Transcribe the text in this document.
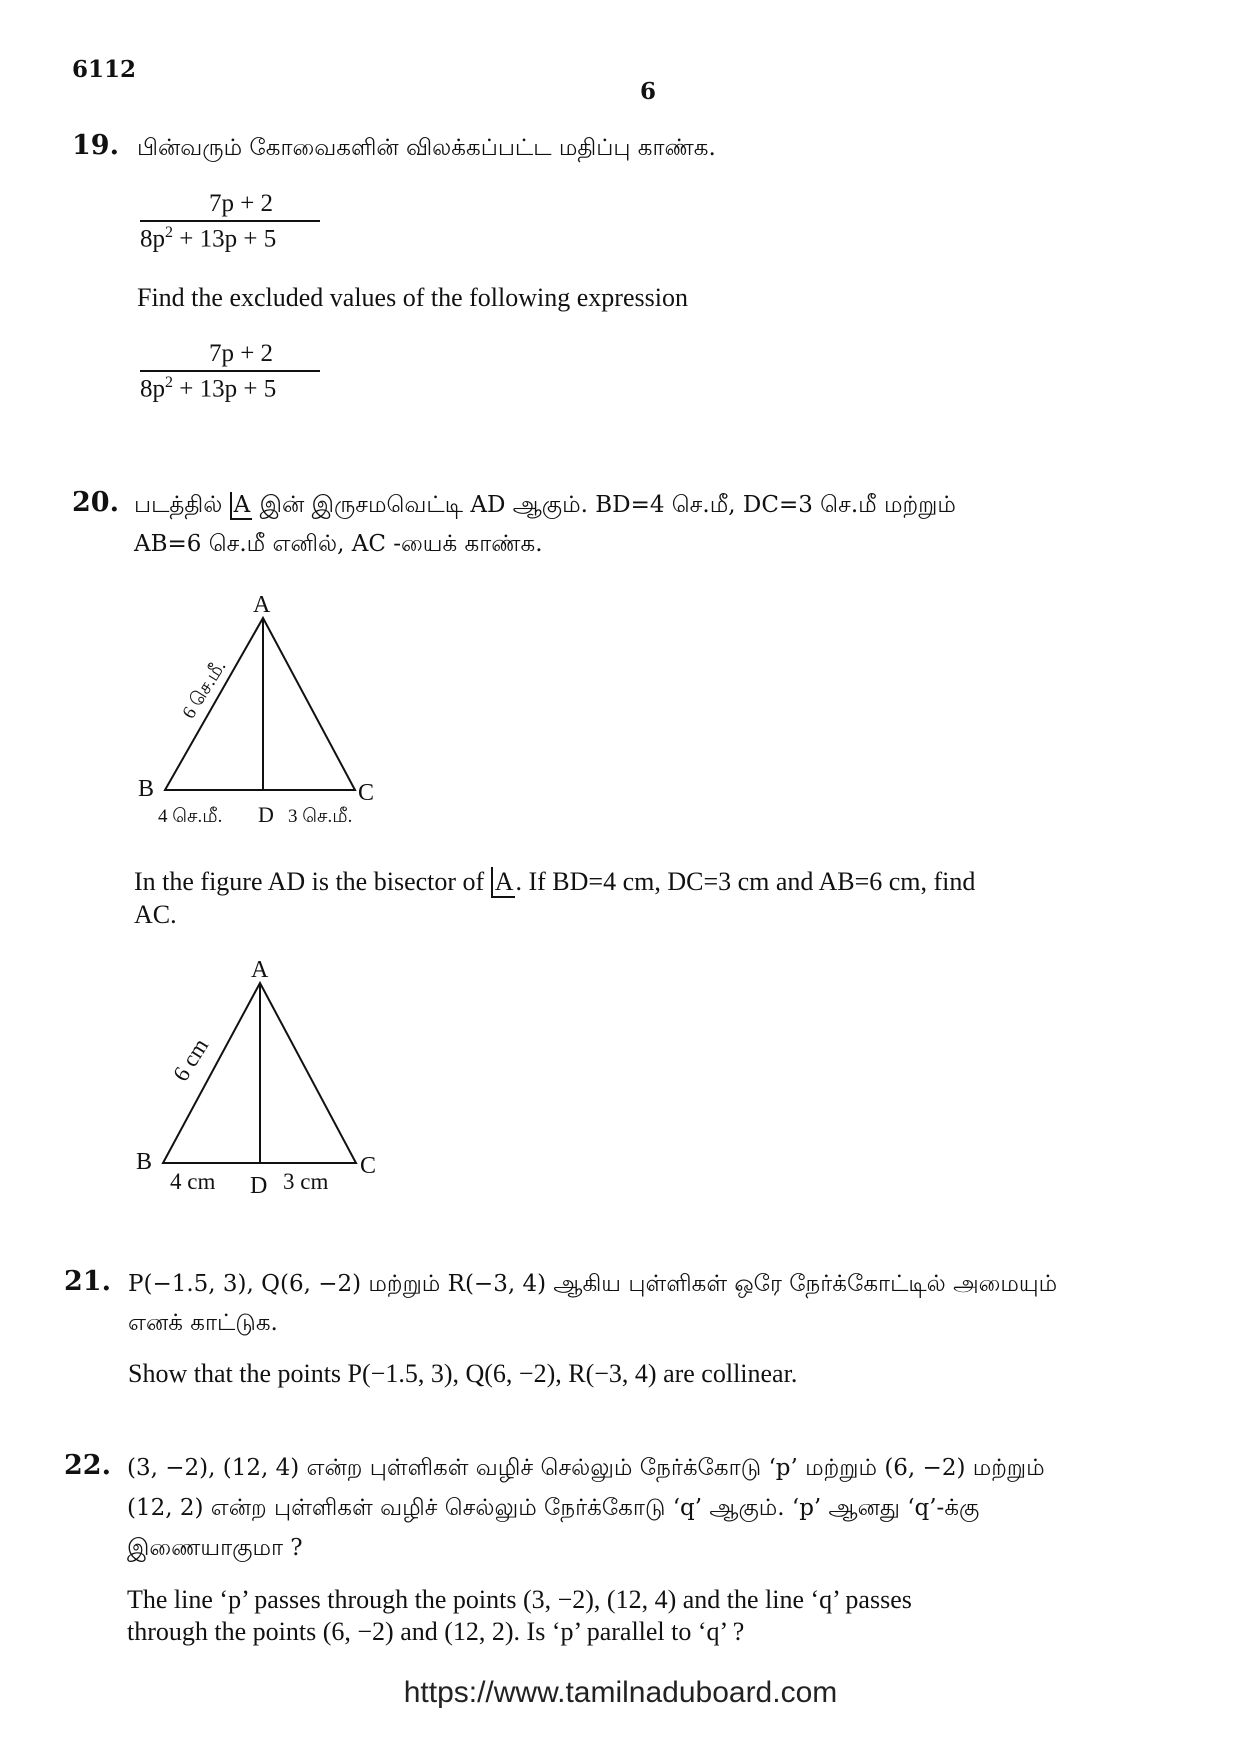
6112
6
19. பின்வரும் கோவைகளின் விலக்கப்பட்ட மதிப்பு காண்க.
7p + 2
$8p^2 + 13p + 5$
Find the excluded values of the following expression
7p + 2
$8p^2 + 13p + 5$
20. படத்தில் A இன் இருசமவெட்டி AD ஆகும். BD=4 செ.மீ, DC=3 செ.மீ மற்றும்
AB=6 செ.மீ எனில், AC -யைக் காண்க.
A
B	C
D
4 செ.மீ.	3 செ.மீ.
6 செ.மீ.
In the figure AD is the bisector of A. If BD=4 cm, DC=3 cm and AB=6 cm, find
AC.
A
B	C
D
4 cm	3 cm
6 cm
21. P(−1.5, 3), Q(6, −2) மற்றும் R(−3, 4) ஆகிய புள்ளிகள் ஒரே நேர்க்கோட்டில் அமையும்
எனக் காட்டுக.
Show that the points P(−1.5, 3), Q(6, −2), R(−3, 4) are collinear.
22. (3, −2), (12, 4) என்ற புள்ளிகள் வழிச் செல்லும் நேர்க்கோடு ‘p’ மற்றும் (6, −2) மற்றும்
(12, 2) என்ற புள்ளிகள் வழிச் செல்லும் நேர்க்கோடு ‘q’ ஆகும். ‘p’ ஆனது ‘q’-க்கு
இணையாகுமா ?
The line ‘p’ passes through the points (3, −2), (12, 4) and the line ‘q’ passes
through the points (6, −2) and (12, 2). Is ‘p’ parallel to ‘q’ ?
https://www.tamilnaduboard.com
